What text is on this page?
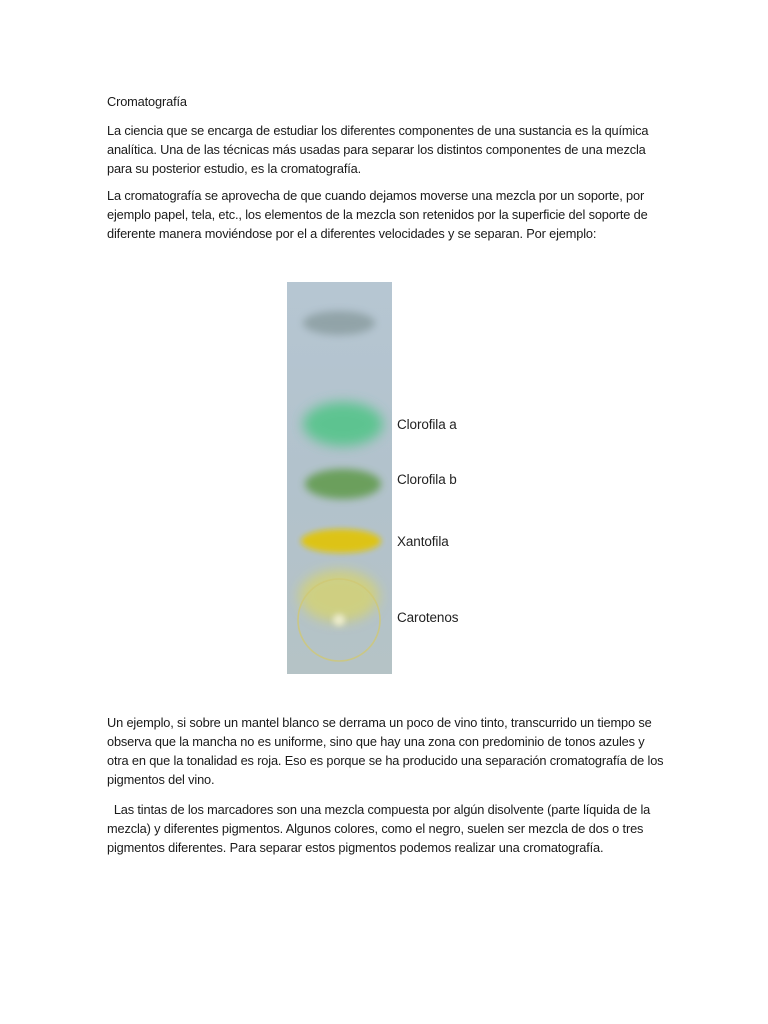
Cromatografía

La ciencia que se encarga de estudiar los diferentes componentes de una sustancia es la química analítica. Una de las técnicas más usadas para separar los distintos componentes de una mezcla para su posterior estudio, es la cromatografía.

La cromatografía se aprovecha de que cuando dejamos moverse una mezcla por un soporte, por ejemplo papel, tela, etc., los elementos de la mezcla son retenidos por la superficie del soporte de diferente manera moviéndose por el a diferentes velocidades y se separan. Por ejemplo:

Clorofila a
Clorofila b
Xantofila
Carotenos

Un ejemplo, si sobre un mantel blanco se derrama un poco de vino tinto, transcurrido un tiempo se observa que la mancha no es uniforme, sino que hay una zona con predominio de tonos azules y otra en que la tonalidad es roja. Eso es porque se ha producido una separación cromatografía de los pigmentos del vino.

Las tintas de los marcadores son una mezcla compuesta por algún disolvente (parte líquida de la mezcla) y diferentes pigmentos. Algunos colores, como el negro, suelen ser mezcla de dos o tres pigmentos diferentes. Para separar estos pigmentos podemos realizar una cromatografía.
